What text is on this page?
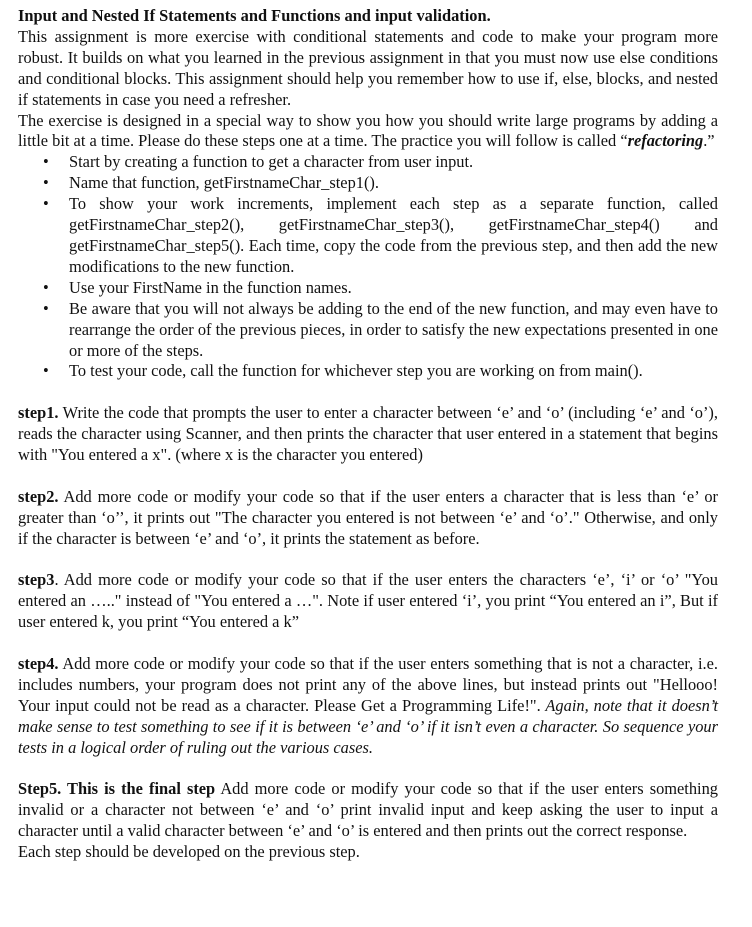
Input and Nested If Statements and Functions and input validation.

This assignment is more exercise with conditional statements and code to make your program more robust. It builds on what you learned in the previous assignment in that you must now use else conditions and conditional blocks. This assignment should help you remember how to use if, else, blocks, and nested if statements in case you need a refresher.

The exercise is designed in a special way to show you how you should write large programs by adding a little bit at a time. Please do these steps one at a time. The practice you will follow is called “refactoring.”

• Start by creating a function to get a character from user input.
• Name that function, getFirstnameChar_step1().
• To show your work increments, implement each step as a separate function, called getFirstnameChar_step2(), getFirstnameChar_step3(), getFirstnameChar_step4() and getFirstnameChar_step5(). Each time, copy the code from the previous step, and then add the new modifications to the new function.
• Use your FirstName in the function names.
• Be aware that you will not always be adding to the end of the new function, and may even have to rearrange the order of the previous pieces, in order to satisfy the new expectations presented in one or more of the steps.
• To test your code, call the function for whichever step you are working on from main().

step1. Write the code that prompts the user to enter a character between ‘e’ and ‘o’ (including ‘e’ and ‘o’), reads the character using Scanner, and then prints the character that user entered in a statement that begins with "You entered a x". (where x is the character you entered)

step2. Add more code or modify your code so that if the user enters a character that is less than ‘e’ or greater than ‘o’’, it prints out "The character you entered is not between ‘e’ and ‘o’." Otherwise, and only if the character is between ‘e’ and ‘o’, it prints the statement as before.

step3. Add more code or modify your code so that if the user enters the characters ‘e’, ‘i’ or ‘o’ "You entered an ….." instead of "You entered a …". Note if user entered ‘i’, you print “You entered an i”, But if user entered k, you print “You entered a k”

step4. Add more code or modify your code so that if the user enters something that is not a character, i.e. includes numbers, your program does not print any of the above lines, but instead prints out "Hellooo! Your input could not be read as a character. Please Get a Programming Life!". Again, note that it doesn’t make sense to test something to see if it is between ‘e’ and ‘o’ if it isn’t even a character. So sequence your tests in a logical order of ruling out the various cases.

Step5. This is the final step Add more code or modify your code so that if the user enters something invalid or a character not between ‘e’ and ‘o’ print invalid input and keep asking the user to input a character until a valid character between ‘e’ and ‘o’ is entered and then prints out the correct response.

Each step should be developed on the previous step.
